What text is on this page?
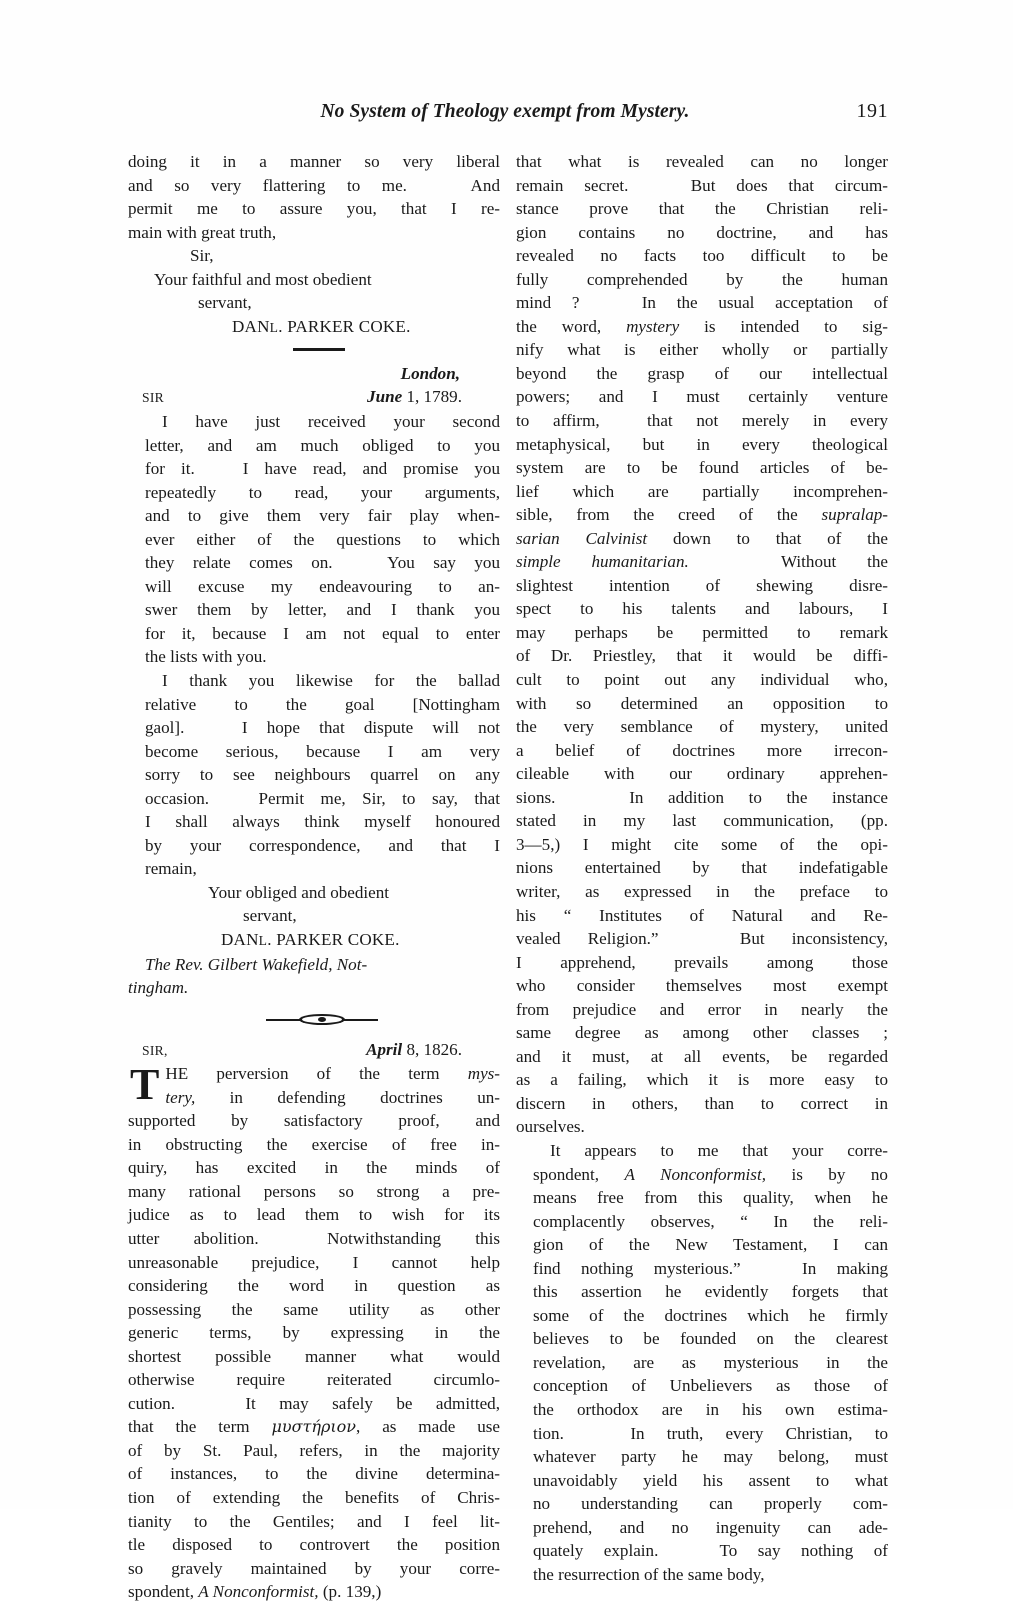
No System of Theology exempt from Mystery.	191

doing it in a manner so very liberal
and so very flattering to me.   And
permit me to assure you, that I re-
main with great truth,

Sir,
Your faithful and most obedient
servant,
DANL. PARKER COKE.
London,
SIR	June 1, 1789.

I have just received your second
letter, and am much obliged to you
for it.   I have read, and promise you
repeatedly to read, your arguments,
and to give them very fair play when-
ever either of the questions to which
they relate comes on.   You say you
will excuse my endeavouring to an-
swer them by letter, and I thank you
for it, because I am not equal to enter
the lists with you.

I thank you likewise for the ballad
relative to the goal [Nottingham
gaol].   I hope that dispute will not
become serious, because I am very
sorry to see neighbours quarrel on any
occasion.   Permit me, Sir, to say, that
I shall always think myself honoured
by your correspondence, and that I
remain,

Your obliged and obedient
servant,
DANL. PARKER COKE.
The Rev. Gilbert Wakefield, Not-
tingham.
SIR,	April 8, 1826.

T HE perversion of the term mys-
tery, in defending doctrines un-
supported by satisfactory proof, and
in obstructing the exercise of free in-
quiry, has excited in the minds of
many rational persons so strong a pre-
judice as to lead them to wish for its
utter abolition.  Notwithstanding this
unreasonable prejudice, I cannot help
considering the word in question as
possessing the same utility as other
generic terms, by expressing in the
shortest possible manner what would
otherwise require reiterated circumlo-
cution.   It may safely be admitted,
that the term μυστήριον, as made use
of by St. Paul, refers, in the majority
of instances, to the divine determina-
tion of extending the benefits of Chris-
tianity to the Gentiles; and I feel lit-
tle disposed to controvert the position
so gravely maintained by your corre-
spondent, A Nonconformist, (p. 139,)

that what is revealed can no longer
remain secret.   But does that circum-
stance prove that the Christian reli-
gion contains no doctrine, and has
revealed no facts too difficult to be
fully comprehended by the human
mind ?   In the usual acceptation of
the word, mystery is intended to sig-
nify what is either wholly or partially
beyond the grasp of our intellectual
powers; and I must certainly venture
to affirm,  that not merely in every
metaphysical, but in every theological
system are to be found articles of be-
lief which are partially incomprehen-
sible, from the creed of the supralap-
sarian Calvinist down to that of the
simple humanitarian.   Without the
slightest intention of shewing disre-
spect to his talents and labours, I
may perhaps be permitted to remark
of Dr. Priestley, that it would be diffi-
cult to point out any individual who,
with so determined an opposition to
the very semblance of mystery, united
a belief of doctrines more irrecon-
cileable with our ordinary apprehen-
sions.   In addition to the instance
stated in my last communication, (pp.
3—5,) I might cite some of the opi-
nions entertained by that indefatigable
writer, as expressed in the preface to
his “ Institutes of Natural and Re-
vealed Religion.”   But inconsistency,
I apprehend, prevails among those
who consider themselves most exempt
from prejudice and error in nearly the
same degree as among other classes ;
and it must, at all events, be regarded
as a failing, which it is more easy to
discern in others, than to correct in
ourselves.

It appears to me that your corre-
spondent, A Nonconformist, is by no
means free from this quality, when he
complacently observes, “ In the reli-
gion of the New Testament, I can
find nothing mysterious.”   In making
this assertion he evidently forgets that
some of the doctrines which he firmly
believes to be founded on the clearest
revelation, are as mysterious in the
conception of Unbelievers as those of
the orthodox are in his own estima-
tion.   In truth, every Christian, to
whatever party he may belong, must
unavoidably yield his assent to what
no understanding can properly com-
prehend, and no ingenuity can ade-
quately explain.   To say nothing of
the resurrection of the same body,
